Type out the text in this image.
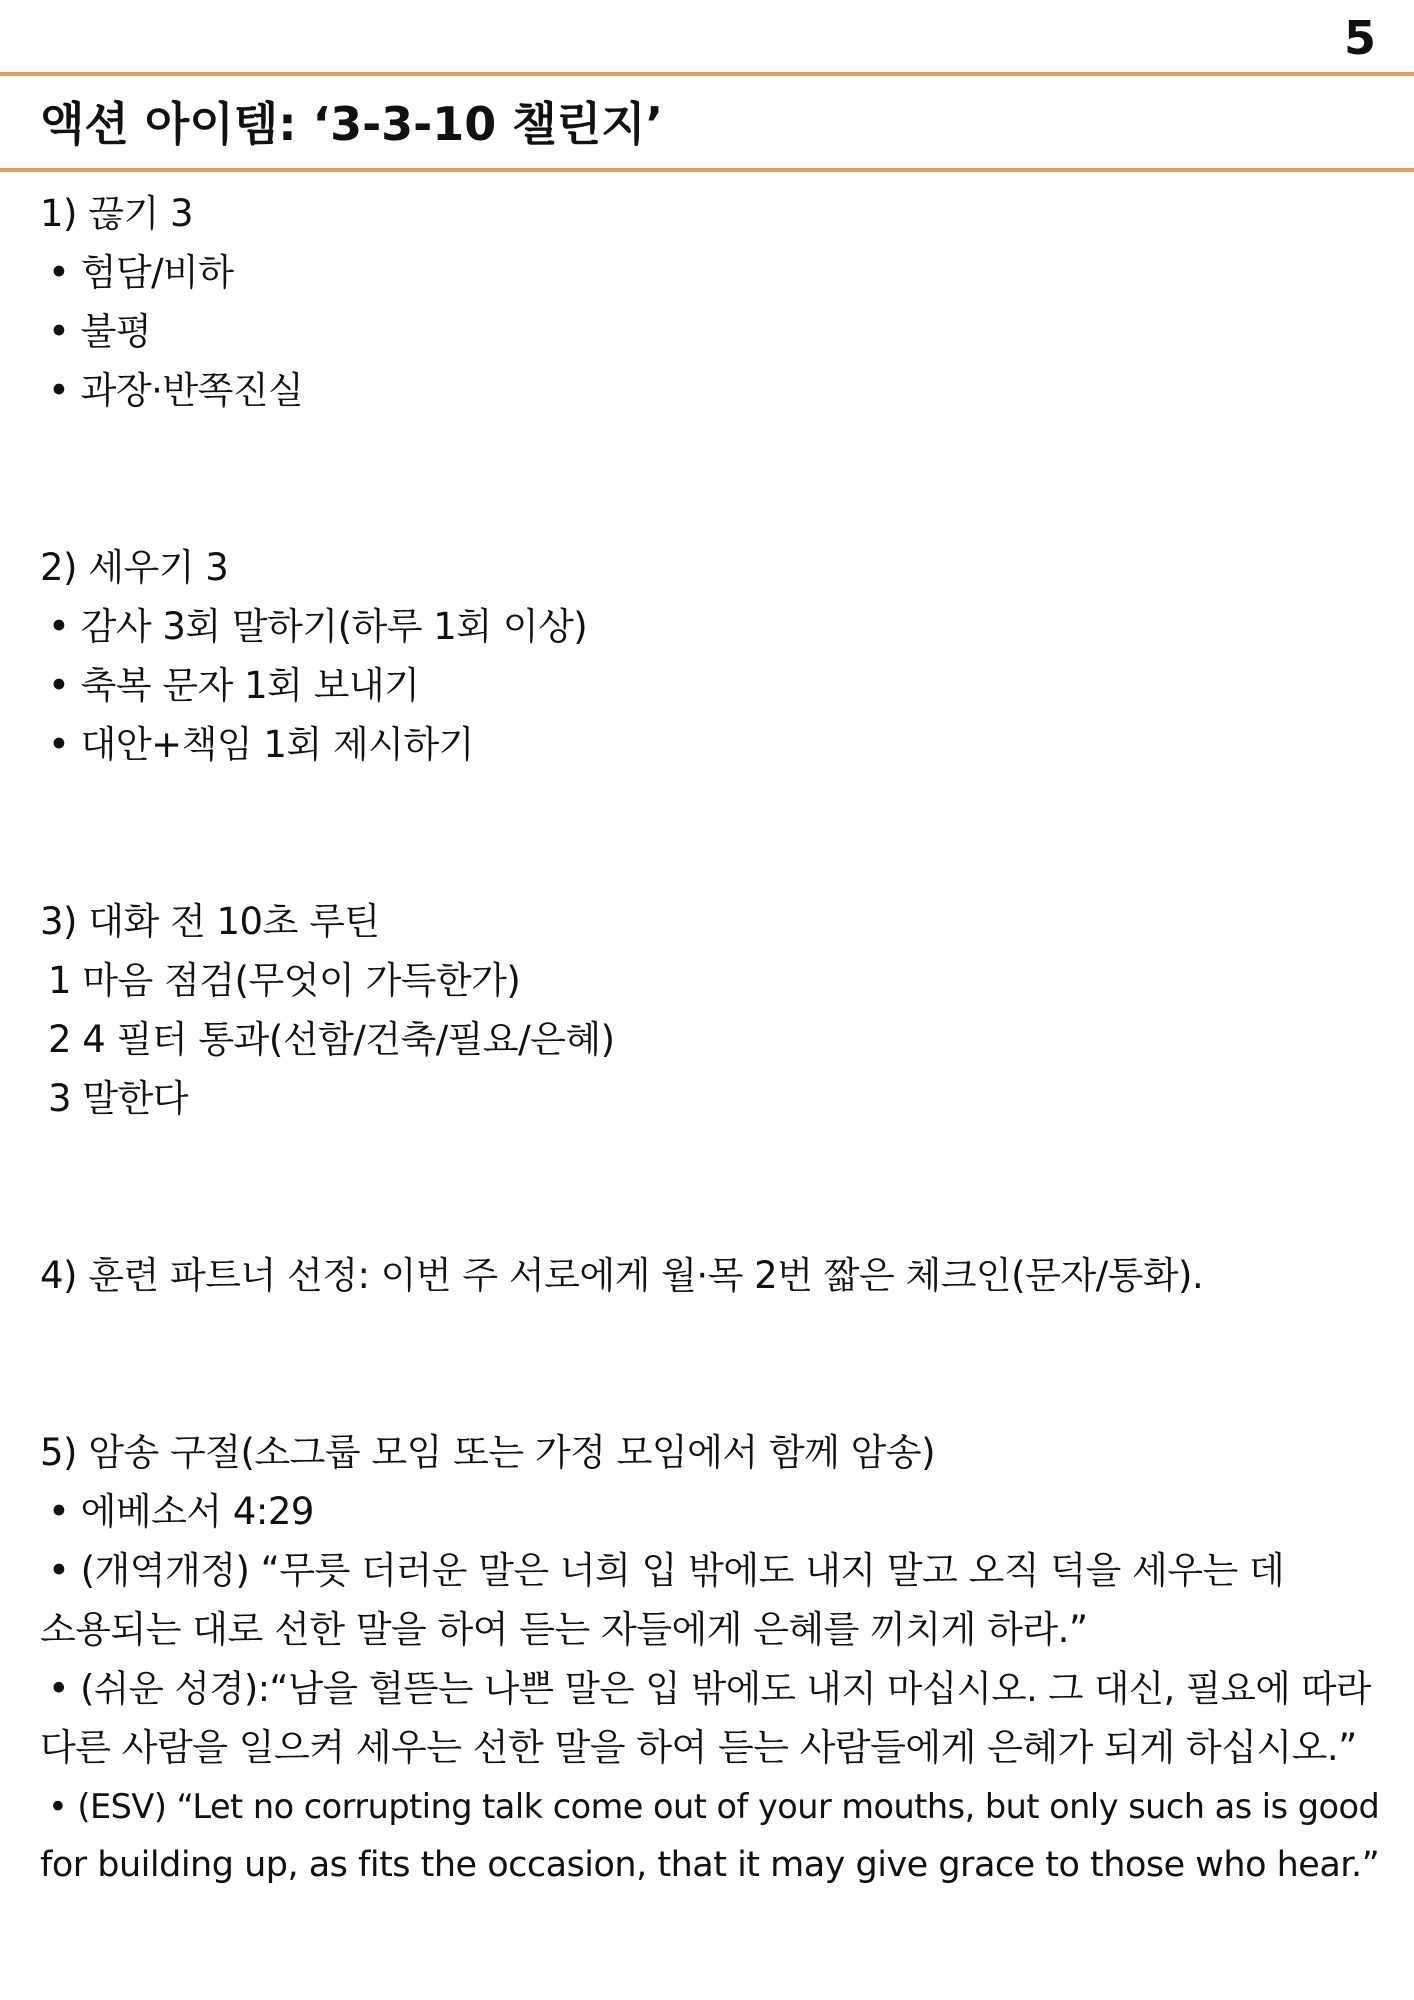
5
액션 아이템: ‘3-3-10 챌린지’
1) 끊기 3
• 험담/비하
• 불평
• 과장·반쪽진실
2) 세우기 3
• 감사 3회 말하기(하루 1회 이상)
• 축복 문자 1회 보내기
• 대안+책임 1회 제시하기
3) 대화 전 10초 루틴
1 마음 점검(무엇이 가득한가)
2 4 필터 통과(선함/건축/필요/은혜)
3 말한다
4) 훈련 파트너 선정: 이번 주 서로에게 월·목 2번 짧은 체크인(문자/통화).
5) 암송 구절(소그룹 모임 또는 가정 모임에서 함께 암송)
• 에베소서 4:29
• (개역개정) “무릇 더러운 말은 너희 입 밖에도 내지 말고 오직 덕을 세우는 데
소용되는 대로 선한 말을 하여 듣는 자들에게 은혜를 끼치게 하라.”
• (쉬운 성경):“남을 헐뜯는 나쁜 말은 입 밖에도 내지 마십시오. 그 대신, 필요에 따라
다른 사람을 일으켜 세우는 선한 말을 하여 듣는 사람들에게 은혜가 되게 하십시오.”
• (ESV) “Let no corrupting talk come out of your mouths, but only such as is good
for building up, as fits the occasion, that it may give grace to those who hear.”
